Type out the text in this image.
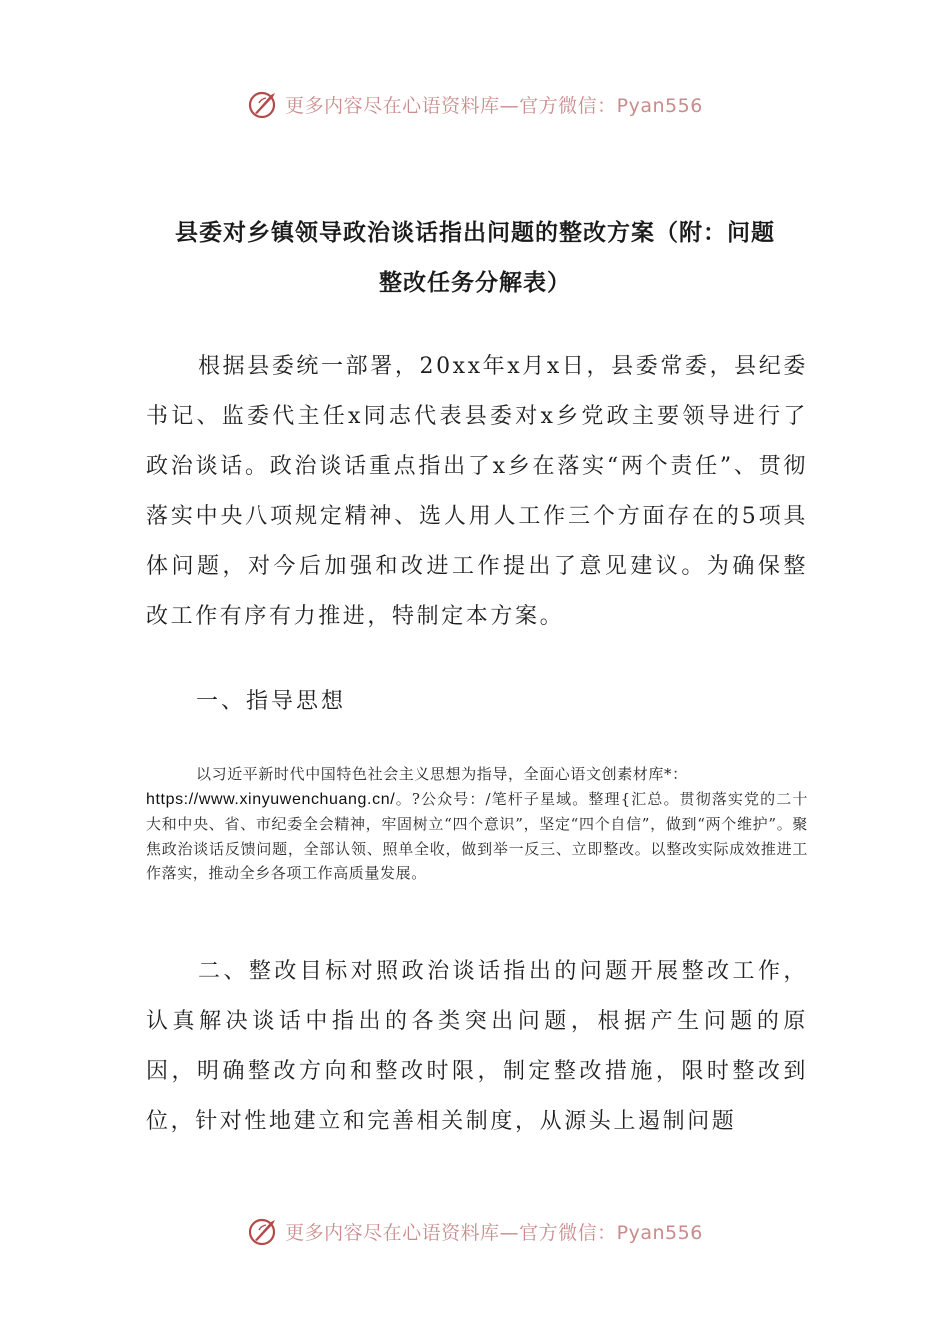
更多内容尽在心语资料库—官方微信：Pyan556
县委对乡镇领导政治谈话指出问题的整改方案（附：问题
整改任务分解表）
根据县委统一部署，20xx年x月x日，县委常委，县纪委书记、监委代主任x同志代表县委对x乡党政主要领导进行了政治谈话。政治谈话重点指出了x乡在落实“两个责任”、贯彻落实中央八项规定精神、选人用人工作三个方面存在的5项具体问题，对今后加强和改进工作提出了意见建议。为确保整改工作有序有力推进，特制定本方案。
一、指导思想
以习近平新时代中国特色社会主义思想为指导，全面心语文创素材库*：
https://www.xinyuwenchuang.cn/。?公众号：/笔杆子星域。整理{汇总。贯彻落实党的二十大和中央、省、市纪委全会精神，牢固树立“四个意识”，坚定“四个自信”，做到“两个维护”。聚焦政治谈话反馈问题，全部认领、照单全收，做到举一反三、立即整改。以整改实际成效推进工作落实，推动全乡各项工作高质量发展。
二、整改目标对照政治谈话指出的问题开展整改工作，认真解决谈话中指出的各类突出问题，根据产生问题的原因，明确整改方向和整改时限，制定整改措施，限时整改到位，针对性地建立和完善相关制度，从源头上遏制问题
更多内容尽在心语资料库—官方微信：Pyan556
